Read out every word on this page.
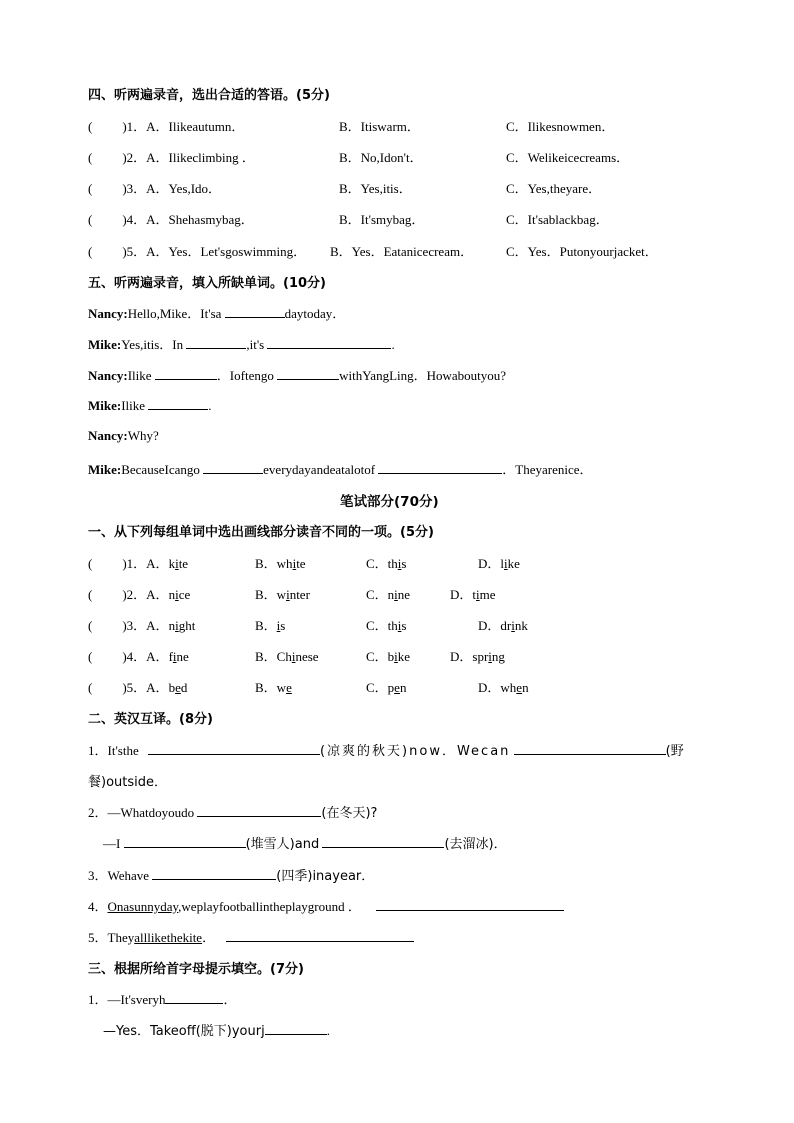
四、听两遍录音，选出合适的答语。(5分)
( )1．A．Ilikeautumn．	B．Itiswarm．	C．Ilikesnowmen．
( )2．A．Ilikeclimbing ．	B．No,Idon't．	C．Welikeicecreams．
( )3．A．Yes,Ido．	B．Yes,itis．	C．Yes,theyare．
( )4．A．Shehasmybag．	B．It'smybag．	C．It'sablackbag．
( )5．A．Yes．Let'sgoswimming． B．Yes．Eatanicecream．	C．Yes．Putonyourjacket．
五、听两遍录音，填入所缺单词。(10分)
Nancy:Hello,Mike．It'sa	daytoday．
Mike:Yes,itis．In	,it's	.
Nancy:Ilike	．Ioftengo	withYangLing．Howaboutyou?
Mike:Ilike	.
Nancy:Why?
Mike:BecauseIcango	everydayandeatalotof	．Theyarenice．
笔试部分(70分)
一、从下列每组单词中选出画线部分读音不同的一项。(5分)
( )1．A．kite	B．white	C．this	D．like
( )2．A．nice	B．winter	C．nine	D．time
( )3．A．night	B．is	C．this	D．drink
( )4．A．fine	B．Chinese	C．bike	D．spring
( )5．A．bed	B．we	C．pen	D．when
二、英汉互译。(8分)
1．It'sthe	(凉爽的秋天)now．Wecan	(野
餐)outside．
2．—Whatdoyoudo	(在冬天)?
—I	(堆雪人)and	(去溜冰)．
3．Wehave	(四季)inayear．
4．Onasunnyday,weplayfootballintheplayground ．
5．Theyalllikethekite．
三、根据所给首字母提示填空。(7分)
1．—It'sveryh	．
—Yes．Takeoff(脱下)yourj	.
